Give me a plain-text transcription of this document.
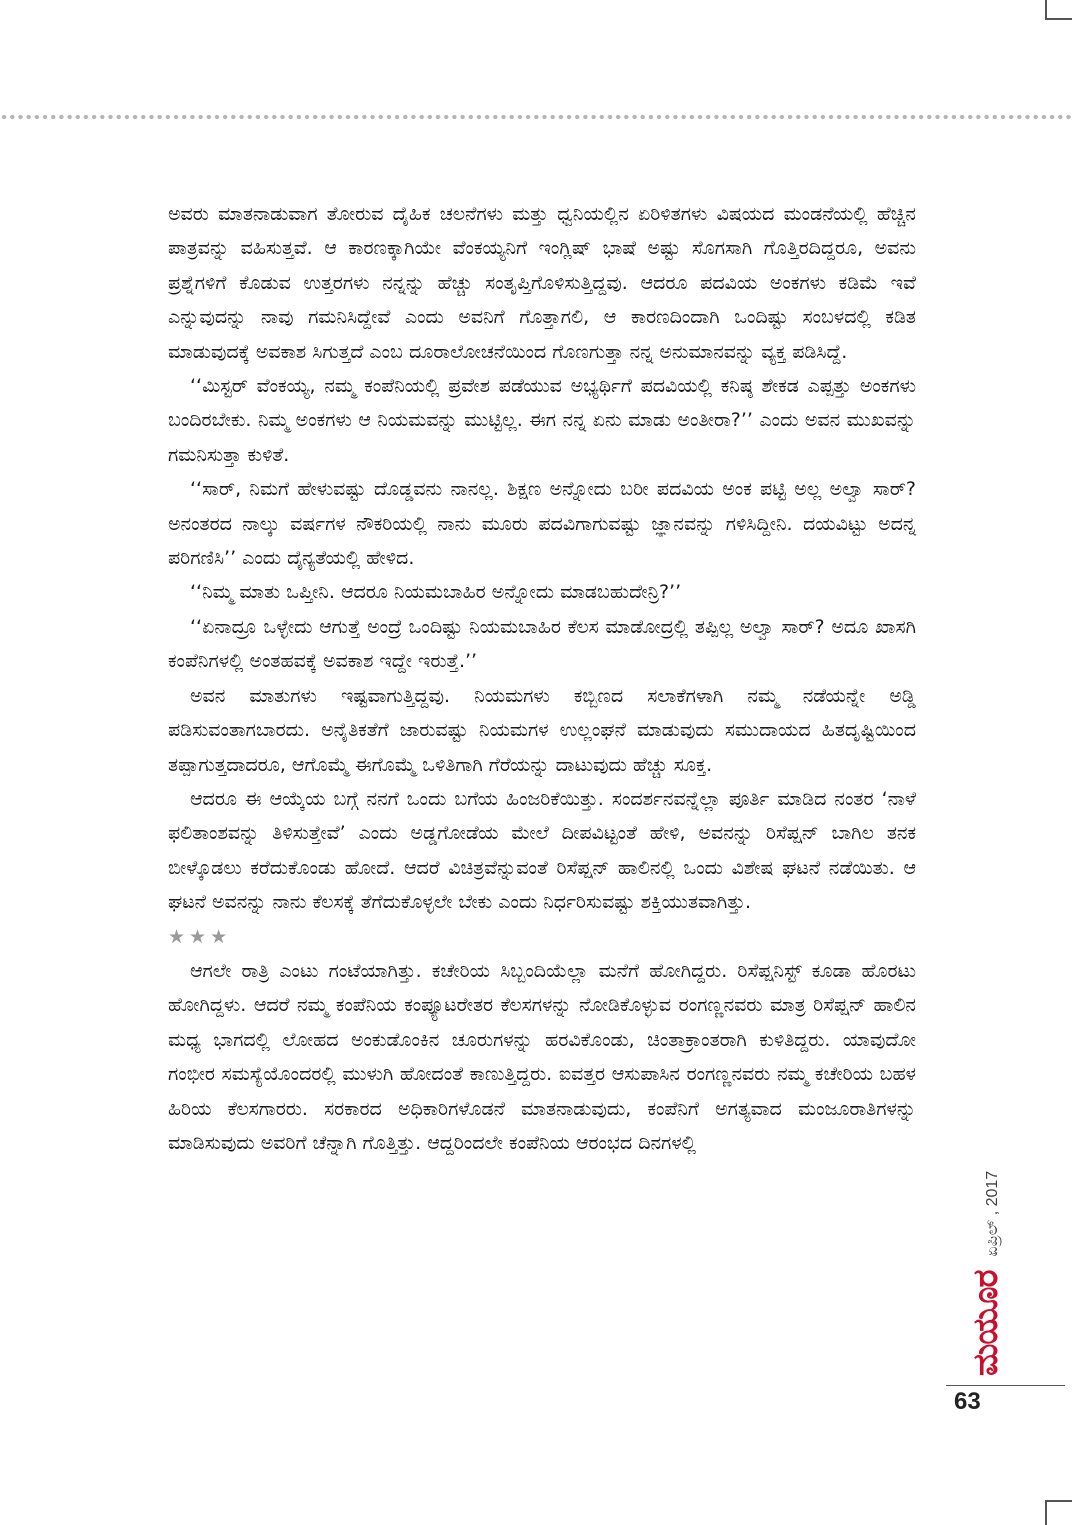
ಅವರು ಮಾತನಾಡುವಾಗ ತೋರುವ ದೈಹಿಕ ಚಲನೆಗಳು ಮತ್ತು ಧ್ವನಿಯಲ್ಲಿನ ಏರಿಳಿತಗಳು ವಿಷಯದ ಮಂಡನೆಯಲ್ಲಿ ಹೆಚ್ಚಿನ ಪಾತ್ರವನ್ನು ವಹಿಸುತ್ತವೆ. ಆ ಕಾರಣಕ್ಕಾಗಿಯೇ ವೆಂಕಯ್ಯನಿಗೆ ಇಂಗ್ಲಿಷ್ ಭಾಷೆ ಅಷ್ಟು ಸೊಗಸಾಗಿ ಗೊತ್ತಿರದಿದ್ದರೂ, ಅವನು ಪ್ರಶ್ನೆಗಳಿಗೆ ಕೊಡುವ ಉತ್ತರಗಳು ನನ್ನನ್ನು ಹೆಚ್ಚು ಸಂತೃಪ್ತಿಗೊಳಿಸುತ್ತಿದ್ದವು. ಆದರೂ ಪದವಿಯ ಅಂಕಗಳು ಕಡಿಮೆ ಇವೆ ಎನ್ನುವುದನ್ನು ನಾವು ಗಮನಿಸಿದ್ದೇವೆ ಎಂದು ಅವನಿಗೆ ಗೊತ್ತಾಗಲಿ, ಆ ಕಾರಣದಿಂದಾಗಿ ಒಂದಿಷ್ಟು ಸಂಬಳದಲ್ಲಿ ಕಡಿತ ಮಾಡುವುದಕ್ಕೆ ಅವಕಾಶ ಸಿಗುತ್ತದೆ ಎಂಬ ದೂರಾಲೋಚನೆಯಿಂದ ಗೊಣಗುತ್ತಾ ನನ್ನ ಅನುಮಾನವನ್ನು ವ್ಯಕ್ತ ಪಡಿಸಿದ್ದೆ.

‘‘ಮಿಸ್ಟರ್ ವೆಂಕಯ್ಯ, ನಮ್ಮ ಕಂಪೆನಿಯಲ್ಲಿ ಪ್ರವೇಶ ಪಡೆಯುವ ಅಭ್ಯರ್ಥಿಗೆ ಪದವಿಯಲ್ಲಿ ಕನಿಷ್ಠ ಶೇಕಡ ಎಪ್ಪತ್ತು ಅಂಕಗಳು ಬಂದಿರಬೇಕು. ನಿಮ್ಮ ಅಂಕಗಳು ಆ ನಿಯಮವನ್ನು ಮುಟ್ಟಿಲ್ಲ. ಈಗ ನನ್ನ ಏನು ಮಾಡು ಅಂತೀರಾ?’’ ಎಂದು ಅವನ ಮುಖವನ್ನು ಗಮನಿಸುತ್ತಾ ಕುಳಿತೆ.

‘‘ಸಾರ್, ನಿಮಗೆ ಹೇಳುವಷ್ಟು ದೊಡ್ಡವನು ನಾನಲ್ಲ. ಶಿಕ್ಷಣ ಅನ್ನೋದು ಬರೀ ಪದವಿಯ ಅಂಕ ಪಟ್ಟಿ ಅಲ್ಲ ಅಲ್ವಾ ಸಾರ್? ಅನಂತರದ ನಾಲ್ಕು ವರ್ಷಗಳ ನೌಕರಿಯಲ್ಲಿ ನಾನು ಮೂರು ಪದವಿಗಾಗುವಷ್ಟು ಜ್ಞಾನವನ್ನು ಗಳಿಸಿದ್ದೀನಿ. ದಯವಿಟ್ಟು ಅದನ್ನ ಪರಿಗಣಿಸಿ’’ ಎಂದು ದೈನ್ಯತೆಯಲ್ಲಿ ಹೇಳಿದ.

‘‘ನಿಮ್ಮ ಮಾತು ಒಪ್ತೀನಿ. ಆದರೂ ನಿಯಮಬಾಹಿರ ಅನ್ನೋದು ಮಾಡಬಹುದೇನ್ರಿ?’’

‘‘ಏನಾದ್ರೂ ಒಳ್ಳೇದು ಆಗುತ್ತೆ ಅಂದ್ರೆ ಒಂದಿಷ್ಟು ನಿಯಮಬಾಹಿರ ಕೆಲಸ ಮಾಡೋದ್ರಲ್ಲಿ ತಪ್ಪಿಲ್ಲ ಅಲ್ವಾ ಸಾರ್? ಅದೂ ಖಾಸಗಿ ಕಂಪೆನಿಗಳಲ್ಲಿ ಅಂತಹವಕ್ಕೆ ಅವಕಾಶ ಇದ್ದೇ ಇರುತ್ತೆ.’’

ಅವನ ಮಾತುಗಳು ಇಷ್ಟವಾಗುತ್ತಿದ್ದವು. ನಿಯಮಗಳು ಕಬ್ಬಿಣದ ಸಲಾಕೆಗಳಾಗಿ ನಮ್ಮ ನಡೆಯನ್ನೇ ಅಡ್ಡಿ ಪಡಿಸುವಂತಾಗಬಾರದು. ಅನೈತಿಕತೆಗೆ ಜಾರುವಷ್ಟು ನಿಯಮಗಳ ಉಲ್ಲಂಘನೆ ಮಾಡುವುದು ಸಮುದಾಯದ ಹಿತದೃಷ್ಟಿಯಿಂದ ತಪ್ಪಾಗುತ್ತದಾದರೂ, ಆಗೊಮ್ಮೆ ಈಗೊಮ್ಮೆ ಒಳಿತಿಗಾಗಿ ಗೆರೆಯನ್ನು ದಾಟುವುದು ಹೆಚ್ಚು ಸೂಕ್ತ.

ಆದರೂ ಈ ಆಯ್ಕೆಯ ಬಗ್ಗೆ ನನಗೆ ಒಂದು ಬಗೆಯ ಹಿಂಜರಿಕೆಯಿತ್ತು. ಸಂದರ್ಶನವನ್ನೆಲ್ಲಾ ಪೂರ್ತಿ ಮಾಡಿದ ನಂತರ ‘ನಾಳೆ ಫಲಿತಾಂಶವನ್ನು ತಿಳಿಸುತ್ತೇವೆ’ ಎಂದು ಅಡ್ಡಗೋಡೆಯ ಮೇಲೆ ದೀಪವಿಟ್ಟಂತೆ ಹೇಳಿ, ಅವನನ್ನು ರಿಸೆಪ್ಷನ್ ಬಾಗಿಲ ತನಕ ಬೀಳ್ಕೊಡಲು ಕರೆದುಕೊಂಡು ಹೋದೆ. ಆದರೆ ವಿಚಿತ್ರವೆನ್ನುವಂತೆ ರಿಸೆಪ್ಷನ್ ಹಾಲಿನಲ್ಲಿ ಒಂದು ವಿಶೇಷ ಘಟನೆ ನಡೆಯಿತು. ಆ ಘಟನೆ ಅವನನ್ನು ನಾನು ಕೆಲಸಕ್ಕೆ ತೆಗೆದುಕೊಳ್ಳಲೇ ಬೇಕು ಎಂದು ನಿರ್ಧರಿಸುವಷ್ಟು ಶಕ್ತಿಯುತವಾಗಿತ್ತು.

★★★

ಆಗಲೇ ರಾತ್ರಿ ಎಂಟು ಗಂಟೆಯಾಗಿತ್ತು. ಕಚೇರಿಯ ಸಿಬ್ಬಂದಿಯೆಲ್ಲಾ ಮನೆಗೆ ಹೋಗಿದ್ದರು. ರಿಸೆಪ್ಷನಿಸ್ಟ್ ಕೂಡಾ ಹೊರಟು ಹೋಗಿದ್ದಳು. ಆದರೆ ನಮ್ಮ ಕಂಪೆನಿಯ ಕಂಪ್ಯೂಟರೇತರ ಕೆಲಸಗಳನ್ನು ನೋಡಿಕೊಳ್ಳುವ ರಂಗಣ್ಣನವರು ಮಾತ್ರ ರಿಸೆಪ್ಷನ್ ಹಾಲಿನ ಮಧ್ಯ ಭಾಗದಲ್ಲಿ ಲೋಹದ ಅಂಕುಡೊಂಕಿನ ಚೂರುಗಳನ್ನು ಹರವಿಕೊಂಡು, ಚಿಂತಾಕ್ರಾಂತರಾಗಿ ಕುಳಿತಿದ್ದರು. ಯಾವುದೋ ಗಂಭೀರ ಸಮಸ್ಯೆಯೊಂದರಲ್ಲಿ ಮುಳುಗಿ ಹೋದಂತೆ ಕಾಣುತ್ತಿದ್ದರು. ಐವತ್ತರ ಆಸುಪಾಸಿನ ರಂಗಣ್ಣನವರು ನಮ್ಮ ಕಚೇರಿಯ ಬಹಳ ಹಿರಿಯ ಕೆಲಸಗಾರರು. ಸರಕಾರದ ಅಧಿಕಾರಿಗಳೊಡನೆ ಮಾತನಾಡುವುದು, ಕಂಪೆನಿಗೆ ಅಗತ್ಯವಾದ ಮಂಜೂರಾತಿಗಳನ್ನು ಮಾಡಿಸುವುದು ಅವರಿಗೆ ಚೆನ್ನಾಗಿ ಗೊತ್ತಿತ್ತು. ಆದ್ದರಿಂದಲೇ ಕಂಪೆನಿಯ ಆರಂಭದ ದಿನಗಳಲ್ಲಿ

ಮಯೂರ
ಏಪ್ರಿಲ್ , 2017
63
